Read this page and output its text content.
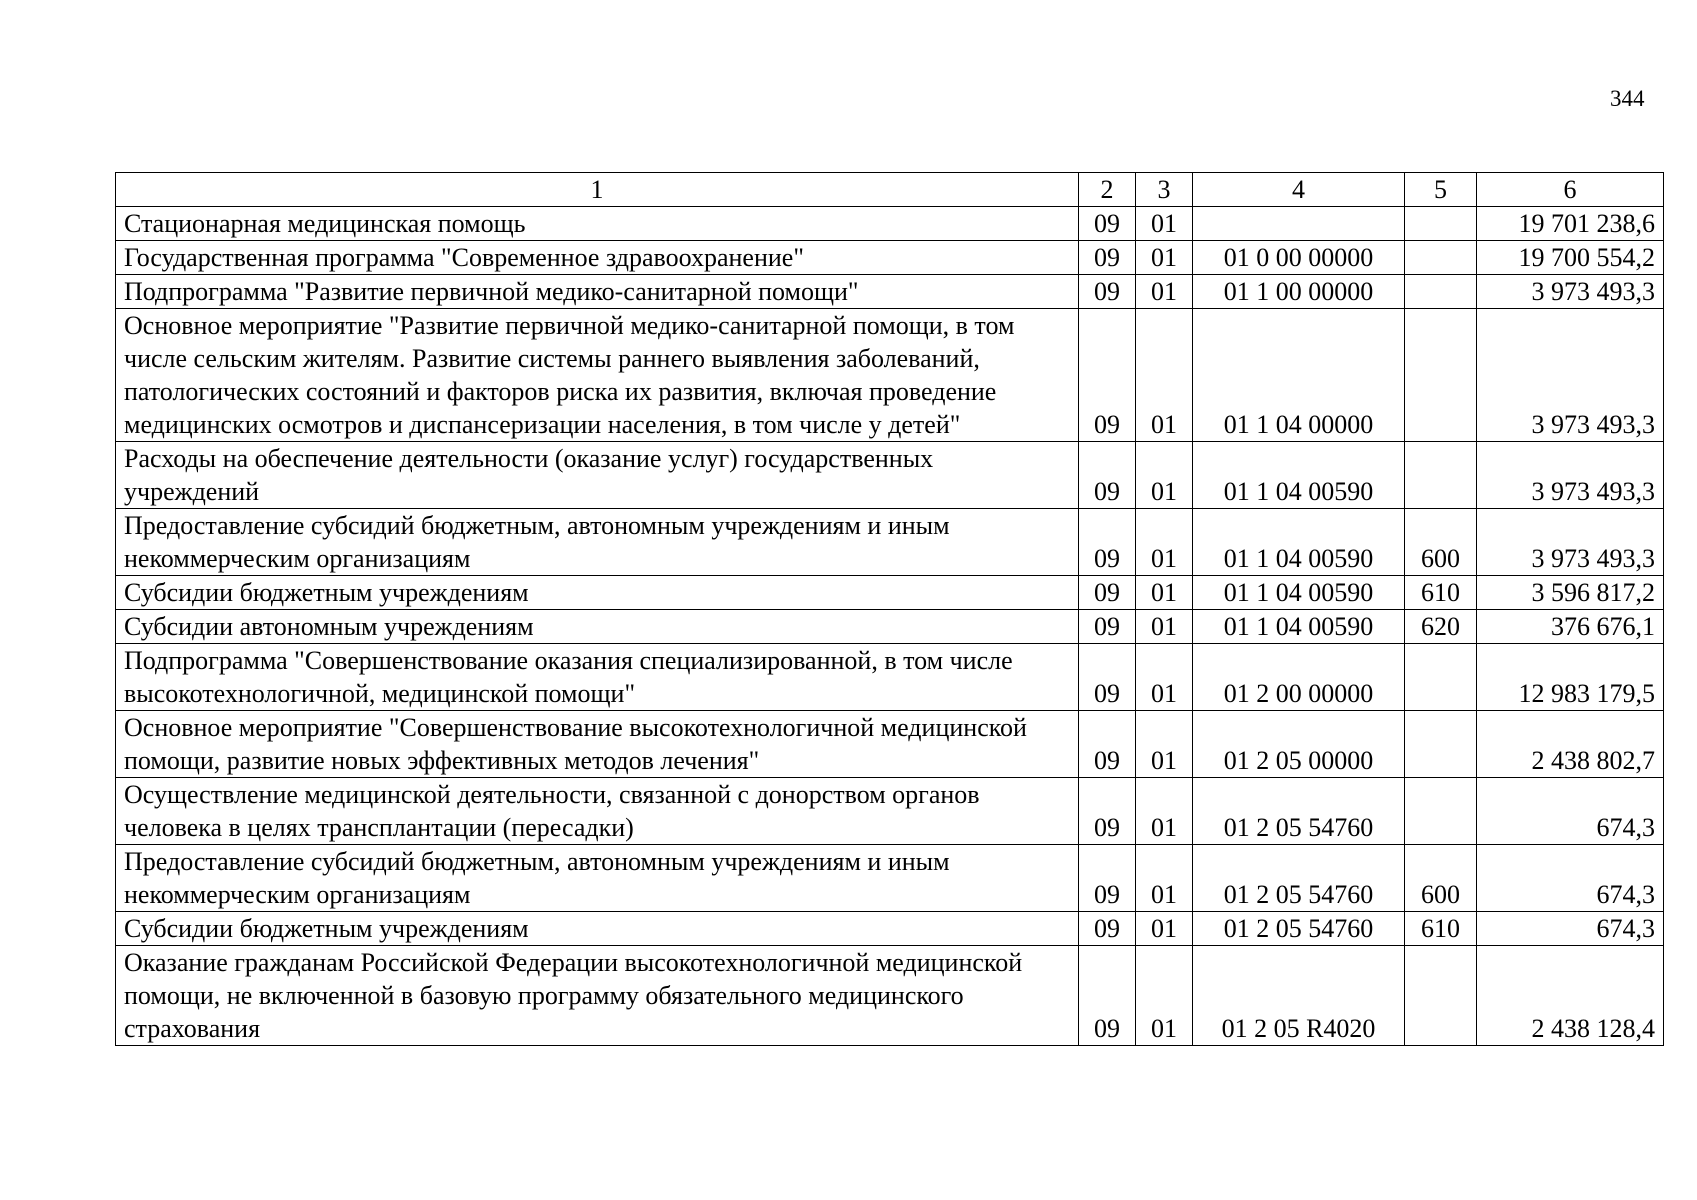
344
1	2	3	4	5	6
Стационарная медицинская помощь	09	01			19 701 238,6
Государственная программа "Современное здравоохранение"	09	01	01 0 00 00000		19 700 554,2
Подпрограмма "Развитие первичной медико-санитарной помощи"	09	01	01 1 00 00000		3 973 493,3
Основное мероприятие "Развитие первичной медико-санитарной помощи, в том числе сельским жителям. Развитие системы раннего выявления заболеваний, патологических состояний и факторов риска их развития, включая проведение медицинских осмотров и диспансеризации населения, в том числе у детей"	09	01	01 1 04 00000		3 973 493,3
Расходы на обеспечение деятельности (оказание услуг) государственных учреждений	09	01	01 1 04 00590		3 973 493,3
Предоставление субсидий бюджетным, автономным учреждениям и иным некоммерческим организациям	09	01	01 1 04 00590	600	3 973 493,3
Субсидии бюджетным учреждениям	09	01	01 1 04 00590	610	3 596 817,2
Субсидии автономным учреждениям	09	01	01 1 04 00590	620	376 676,1
Подпрограмма "Совершенствование оказания специализированной, в том числе высокотехнологичной, медицинской помощи"	09	01	01 2 00 00000		12 983 179,5
Основное мероприятие "Совершенствование высокотехнологичной медицинской помощи, развитие новых эффективных методов лечения"	09	01	01 2 05 00000		2 438 802,7
Осуществление медицинской деятельности, связанной с донорством органов человека в целях трансплантации (пересадки)	09	01	01 2 05 54760		674,3
Предоставление субсидий бюджетным, автономным учреждениям и иным некоммерческим организациям	09	01	01 2 05 54760	600	674,3
Субсидии бюджетным учреждениям	09	01	01 2 05 54760	610	674,3
Оказание гражданам Российской Федерации высокотехнологичной медицинской помощи, не включенной в базовую программу обязательного медицинского страхования	09	01	01 2 05 R4020		2 438 128,4
